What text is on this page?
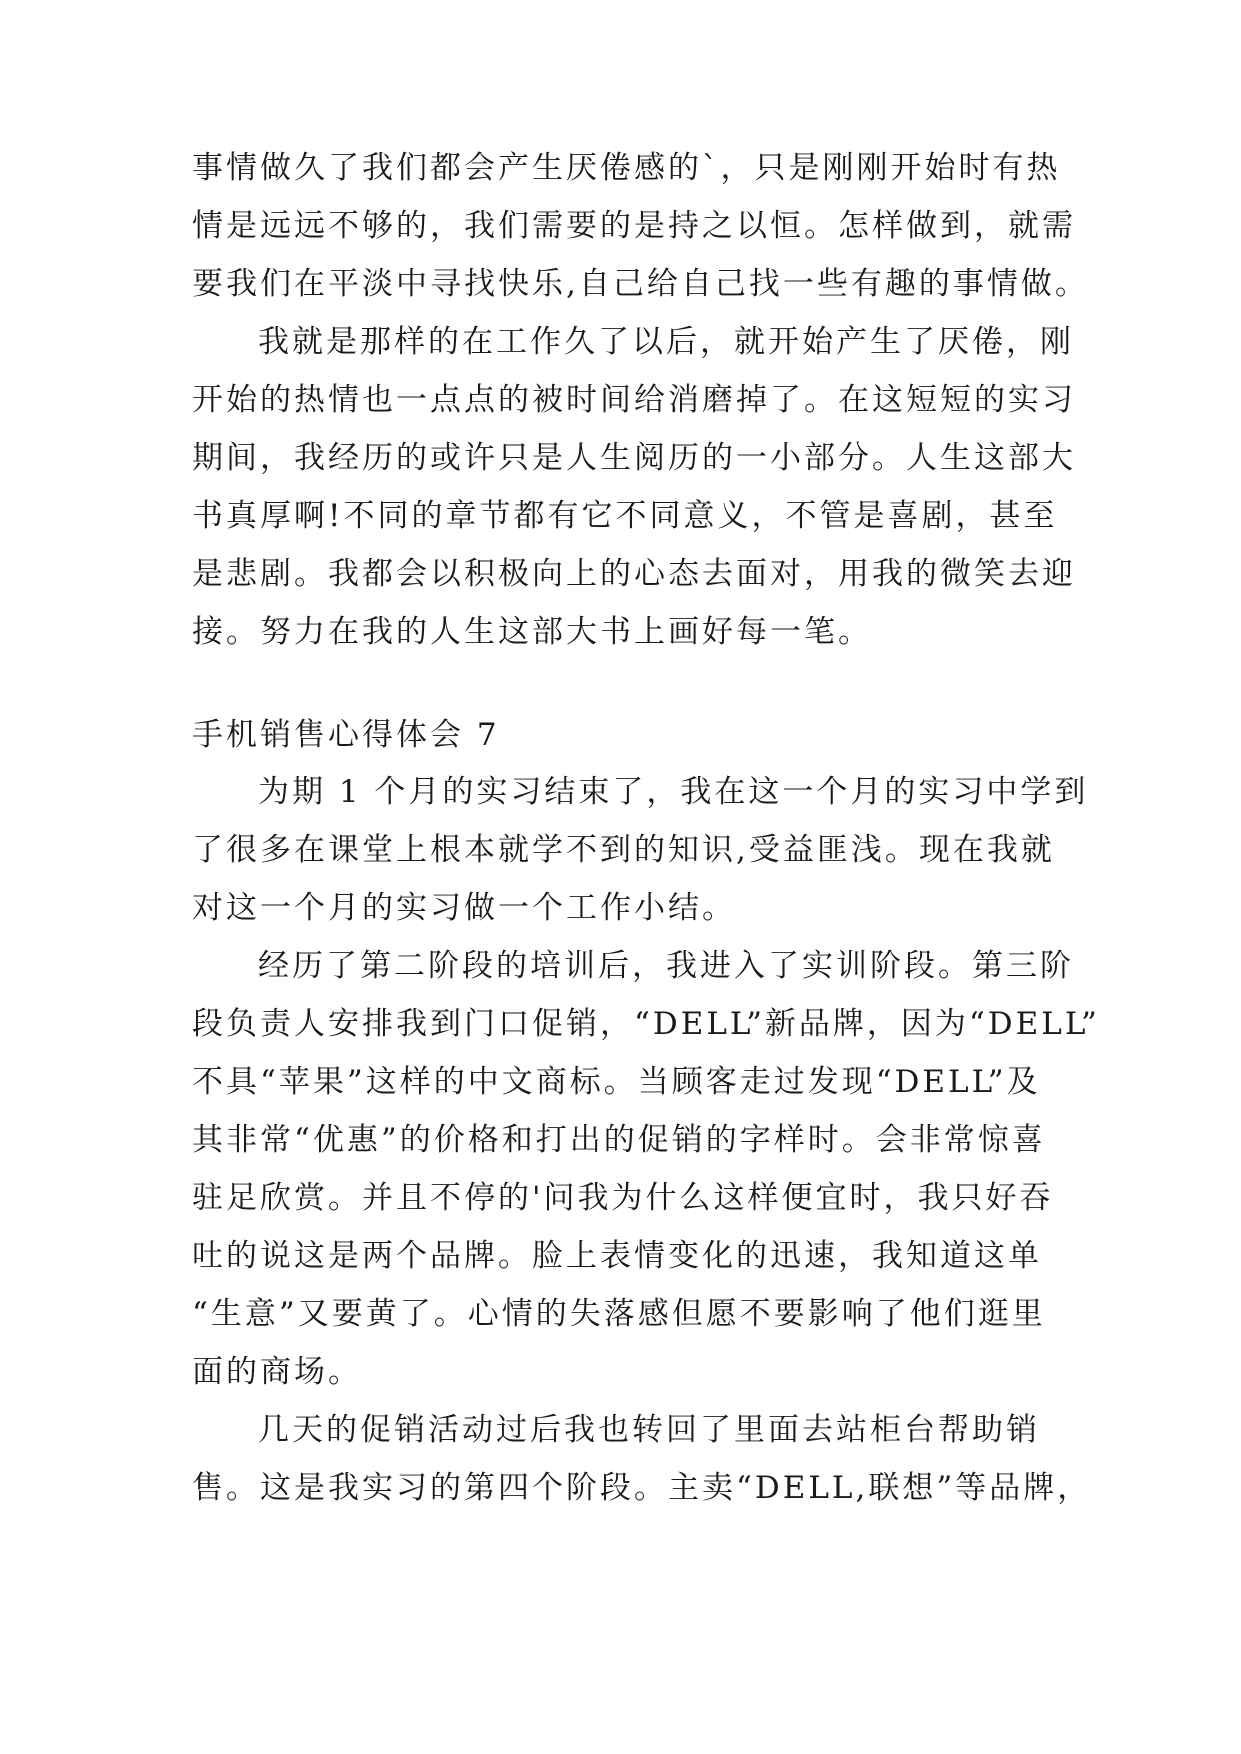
事情做久了我们都会产生厌倦感的`，只是刚刚开始时有热
情是远远不够的，我们需要的是持之以恒。怎样做到，就需
要我们在平淡中寻找快乐,自己给自己找一些有趣的事情做。
我就是那样的在工作久了以后，就开始产生了厌倦，刚
开始的热情也一点点的被时间给消磨掉了。在这短短的实习
期间，我经历的或许只是人生阅历的一小部分。人生这部大
书真厚啊!不同的章节都有它不同意义，不管是喜剧，甚至
是悲剧。我都会以积极向上的心态去面对，用我的微笑去迎
接。努力在我的人生这部大书上画好每一笔。
手机销售心得体会 7
为期 1 个月的实习结束了，我在这一个月的实习中学到
了很多在课堂上根本就学不到的知识,受益匪浅。现在我就
对这一个月的实习做一个工作小结。
经历了第二阶段的培训后，我进入了实训阶段。第三阶
段负责人安排我到门口促销，“DELL”新品牌，因为“DELL”
不具“苹果”这样的中文商标。当顾客走过发现“DELL”及
其非常“优惠”的价格和打出的促销的字样时。会非常惊喜
驻足欣赏。并且不停的'问我为什么这样便宜时，我只好吞
吐的说这是两个品牌。脸上表情变化的迅速，我知道这单
“生意”又要黄了。心情的失落感但愿不要影响了他们逛里
面的商场。
几天的促销活动过后我也转回了里面去站柜台帮助销
售。这是我实习的第四个阶段。主卖“DELL,联想”等品牌，
